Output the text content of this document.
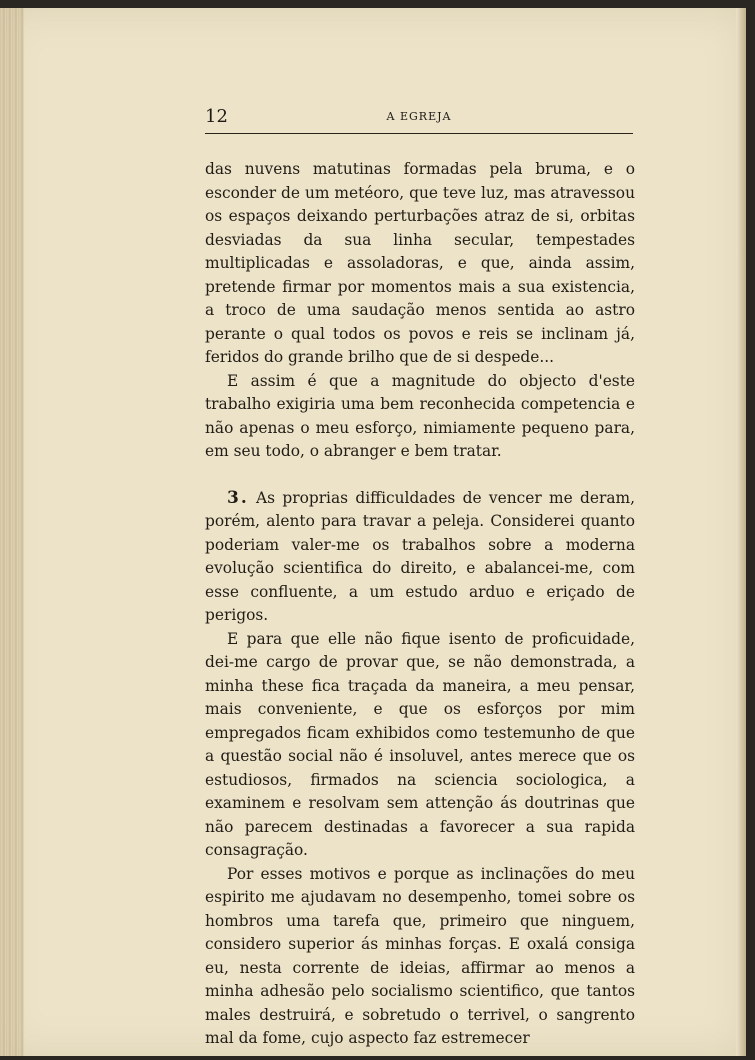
12	A EGREJA

das nuvens matutinas formadas pela bruma, e o esconder de um metéoro, que teve luz, mas atravessou os espaços deixando perturbações atraz de si, orbitas desviadas da sua linha secular, tempestades multiplicadas e assoladoras, e que, ainda assim, pretende firmar por momentos mais a sua existencia, a troco de uma saudação menos sentida ao astro perante o qual todos os povos e reis se inclinam já, feridos do grande brilho que de si despede...

E assim é que a magnitude do objecto d'este trabalho exigiria uma bem reconhecida competencia e não apenas o meu esforço, nimiamente pequeno para, em seu todo, o abranger e bem tratar.

3. As proprias difficuldades de vencer me deram, porém, alento para travar a peleja. Considerei quanto poderiam valer-me os trabalhos sobre a moderna evolução scientifica do direito, e abalancei-me, com esse confluente, a um estudo arduo e eriçado de perigos.

E para que elle não fique isento de proficuidade, dei-me cargo de provar que, se não demonstrada, a minha these fica traçada da maneira, a meu pensar, mais conveniente, e que os esforços por mim empregados ficam exhibidos como testemunho de que a questão social não é insoluvel, antes merece que os estudiosos, firmados na sciencia sociologica, a examinem e resolvam sem attenção ás doutrinas que não parecem destinadas a favorecer a sua rapida consagração.

Por esses motivos e porque as inclinações do meu espirito me ajudavam no desempenho, tomei sobre os hombros uma tarefa que, primeiro que ninguem, considero superior ás minhas forças. E oxalá consiga eu, nesta corrente de ideias, affirmar ao menos a minha adhesão pelo socialismo scientifico, que tantos males destruirá, e sobretudo o terrivel, o sangrento mal da fome, cujo aspecto faz estremecer
